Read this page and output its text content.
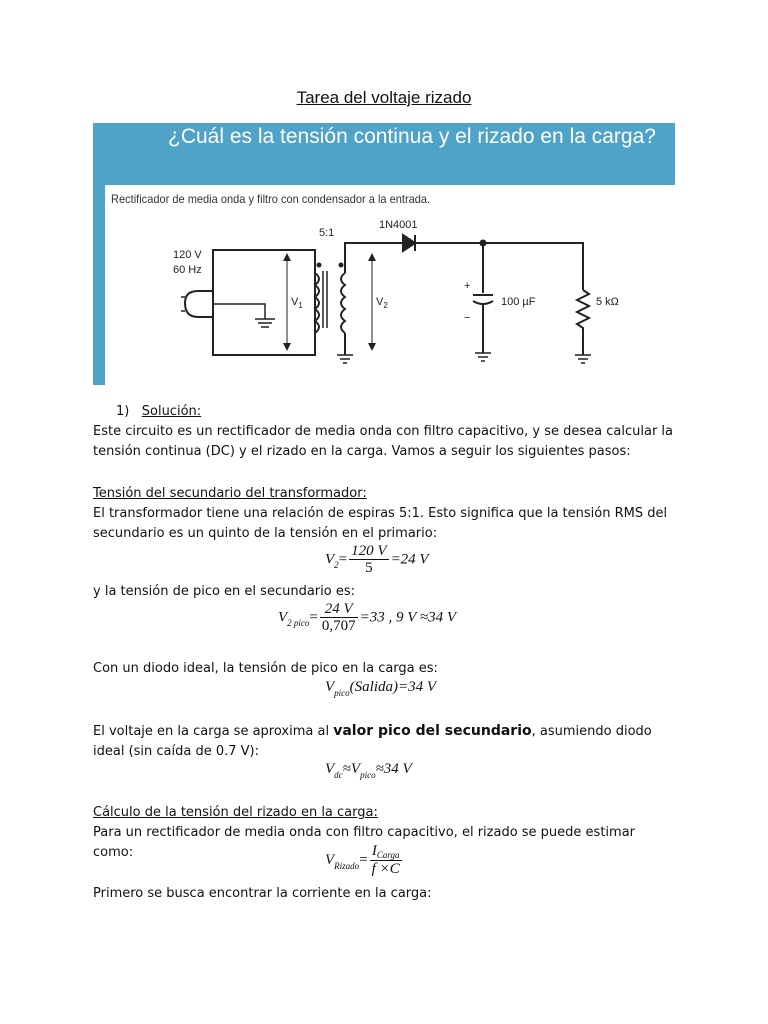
Tarea del voltaje rizado
¿Cuál es la tensión continua y el rizado en la carga?
Rectificador de media onda y filtro con condensador a la entrada.
120 V
60 Hz
5:1
1N4001
$V_1$	$V_2$
+
−
100 µF	5 kΩ
1) Solución:
Este circuito es un rectificador de media onda con filtro capacitivo, y se desea calcular la tensión continua (DC) y el rizado en la carga. Vamos a seguir los siguientes pasos:
Tensión del secundario del transformador:
El transformador tiene una relación de espiras 5:1. Esto significa que la tensión RMS del secundario es un quinto de la tensión en el primario:
$V_2= \frac{120 V}{5} =24$ V
y la tensión de pico en el secundario es:
$V_{2 pico}= \frac{24 V}{0,707} =33$ , 9 V ≈34 V
Con un diodo ideal, la tensión de pico en la carga es:
$V_{pico}(Salida)=34$ V
El voltaje en la carga se aproxima al valor pico del secundario, asumiendo diodo ideal (sin caída de 0.7 V):
$V_{dc}\approx V_{pico}\approx 34$ V
Cálculo de la tensión del rizado en la carga:
Para un rectificador de media onda con filtro capacitivo, el rizado se puede estimar como:	$V_{Rizado}= \frac{I_{Carga}}{f \times C}$
Primero se busca encontrar la corriente en la carga:
